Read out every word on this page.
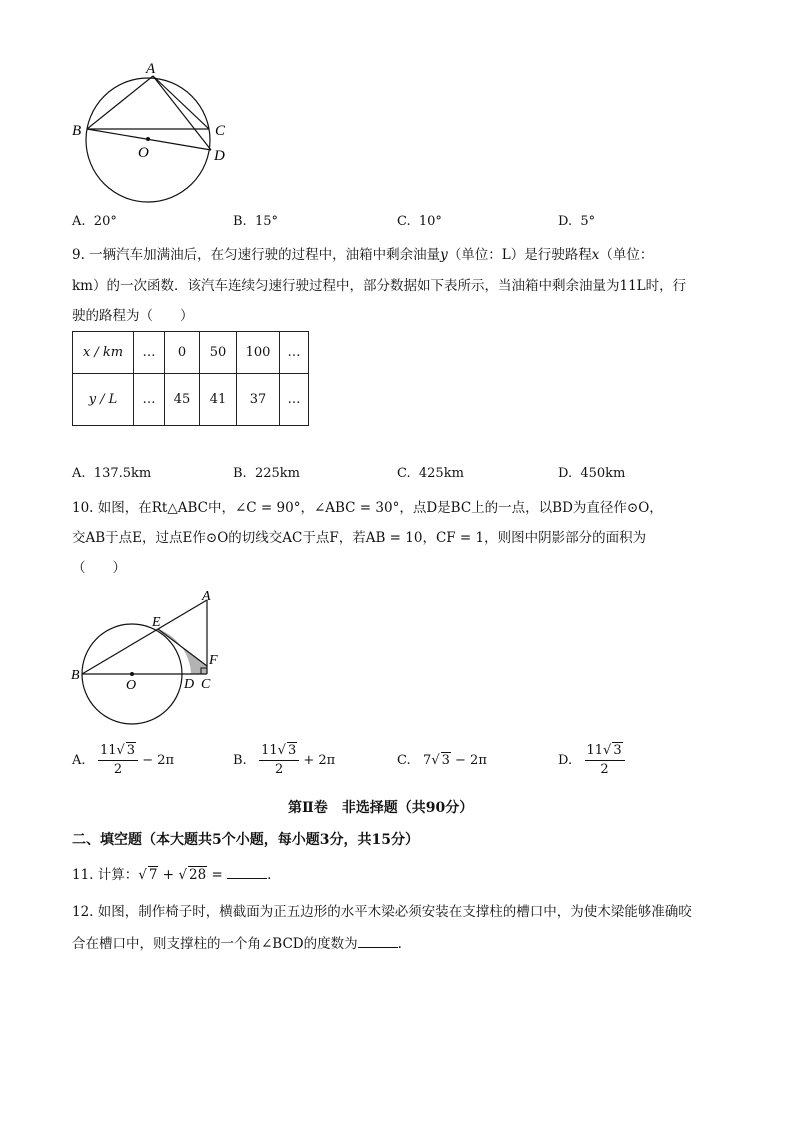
A
B	C
D
O
A. 20°	B. 15°	C. 10°	D. 5°
9. 一辆汽车加满油后，在匀速行驶的过程中，油箱中剩余油量y（单位：L）是行驶路程x（单位：
km）的一次函数．该汽车连续匀速行驶过程中，部分数据如下表所示，当油箱中剩余油量为11L时，行
驶的路程为（　　）
x / km	…	0	50	100	…
y / L	…	45	41	37	…
A. 137.5km	B. 225km	C. 425km	D. 450km
10. 如图，在Rt△ABC中，∠C = 90°，∠ABC = 30°，点D是BC上的一点，以BD为直径作⊙O，
交AB于点E，过点E作⊙O的切线交AC于点F，若AB = 10，CF = 1，则图中阴影部分的面积为
（　　）
A
E
F
B
O	D C
A. $\frac{11√ 3}{2} - 2\pi$	B. $\frac{11√ 3}{2} + 2\pi$	C. 7√ 3 − 2π	D. $\frac{11√ 3}{2}$
第Ⅱ卷　非选择题（共90分）
二、填空题（本大题共5个小题，每小题3分，共15分）
11. 计算：√ 7 + √ 28 =	.
12. 如图，制作椅子时，横截面为正五边形的水平木梁必须安装在支撑柱的槽口中，为使木梁能够准确咬
合在槽口中，则支撑柱的一个角∠BCD的度数为	.
